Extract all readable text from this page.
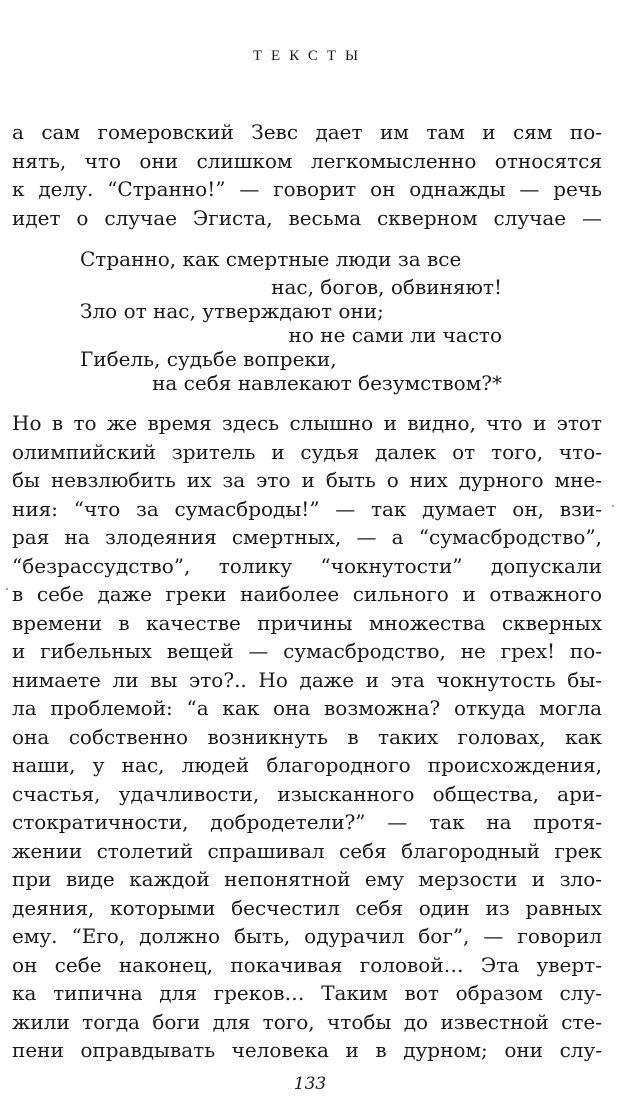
ТЕКСТЫ
а сам гомеровский Зевс дает им там и сям по-
нять, что они слишком легкомысленно относятся
к делу. “Странно!” — говорит он однажды — речь
идет о случае Эгиста, весьма скверном случае —
Странно, как смертные люди за все
нас, богов, обвиняют!
Зло от нас, утверждают они;
но не сами ли часто
Гибель, судьбе вопреки,
на себя навлекают безумством?*
Но в то же время здесь слышно и видно, что и этот
олимпийский зритель и судья далек от того, чтo-
бы невзлюбить их за это и быть о них дурного мне-
ния: “что за сумасброды!” — так думает он, взи-
рая на злодеяния смертных, — а “сумасбродство”,
“безрассудство”, толику “чокнутости” допускали
в себе даже греки наиболее сильного и отважного
времени в качестве причины множества скверных
и гибельных вещей — сумасбродство, не грех! по-
нимаете ли вы это?.. Но даже и эта чокнутость бы-
ла проблемой: “а как она возможна? откуда могла
она собственно возникнуть в таких головах, как
наши, у нас, людей благородного происхождения,
счастья, удачливости, изысканного общества, ари-
стократичности, добродетели?” — так на протя-
жении столетий спрашивал себя благородный грек
при виде каждой непонятной ему мерзости и зло-
деяния, которыми бесчестил себя один из равных
ему. “Его, должно быть, одурачил бог”, — говорил
он себе наконец, покачивая головой… Эта уверт-
133
ка типична для греков… Таким вот образом слу-
жили тогда боги для того, чтобы до известной сте-
пени оправдывать человека и в дурном; они слу-
